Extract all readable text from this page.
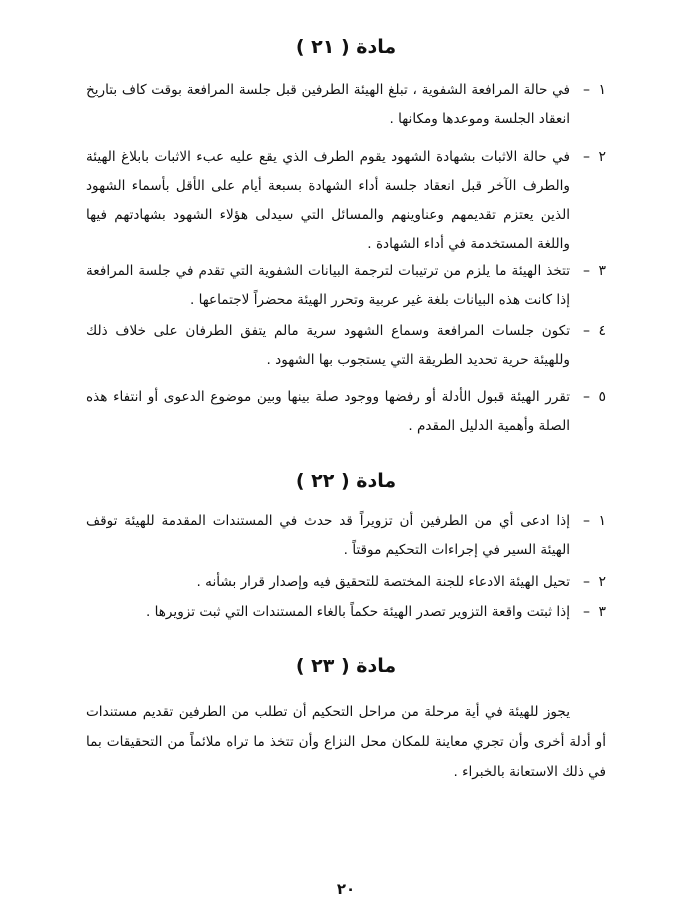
مادة ( ٢١ )
١
–
في حالة المرافعة الشفوية ، تبلغ الهيئة الطرفين قبل جلسة المرافعة بوقت كاف بتاريخ انعقاد الجلسة وموعدها ومكانها .
٢
–
في حالة الاثبات بشهادة الشهود يقوم الطرف الذي يقع عليه عبء الاثبات بابلاغ الهيئة والطرف الآخر قبل انعقاد جلسة أداء الشهادة بسبعة أيام على الأقل بأسماء الشهود الذين يعتزم تقديمهم وعناوينهم والمسائل التي سيدلى هؤلاء الشهود بشهادتهم فيها واللغة المستخدمة في أداء الشهادة .
٣
–
تتخذ الهيئة ما يلزم من ترتيبات لترجمة البيانات الشفوية التي تقدم في جلسة المرافعة إذا كانت هذه البيانات بلغة غير عربية وتحرر الهيئة محضراً لاجتماعها .
٤
–
تكون جلسات المرافعة وسماع الشهود سرية مالم يتفق الطرفان على خلاف ذلك وللهيئة حرية تحديد الطريقة التي يستجوب بها الشهود .
٥
–
تقرر الهيئة قبول الأدلة أو رفضها ووجود صلة بينها وبين موضوع الدعوى أو انتفاء هذه الصلة وأهمية الدليل المقدم .
مادة ( ٢٢ )
١
–
إذا ادعى أي من الطرفين أن تزويراً قد حدث في المستندات المقدمة للهيئة توقف الهيئة السير في إجراءات التحكيم موقتاً .
٢
–
تحيل الهيئة الادعاء للجنة المختصة للتحقيق فيه وإصدار قرار بشأنه .
٣
–
إذا ثبتت واقعة التزوير تصدر الهيئة حكماً بالغاء المستندات التي ثبت تزويرها .
مادة ( ٢٣ )
يجوز للهيئة في أية مرحلة من مراحل التحكيم أن تطلب من الطرفين تقديم مستندات أو أدلة أخرى وأن تجري معاينة للمكان محل النزاع وأن تتخذ ما تراه ملائماً من التحقيقات بما في ذلك الاستعانة بالخبراء .
٢٠
